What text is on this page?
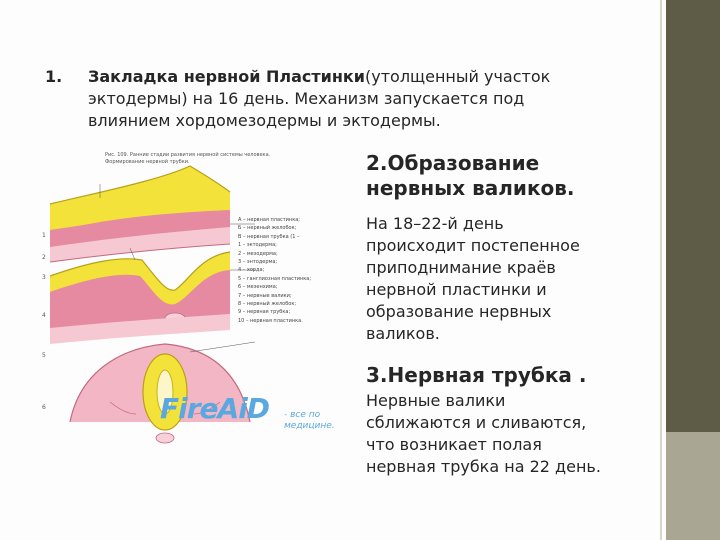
1. Закладка нервной Пластинки(утолщенный участок
эктодермы) на 16 день. Механизм запускается под
влиянием хордомезодермы и эктодермы.
Рис. 109. Ранние стадии развития нервной системы человека.
Формирование нервной трубки.
А – нервная пластинка;
Б – нервный желобок;
В – нервная трубка (1 –
1 – эктодерма;
2 – мезодерма;
3 – энтодерма;
4 – хорда;
5 – ганглиозная пластинка;
6 – мезенхима;
7 – нервные валики;
8 – нервный желобок;
9 – нервная трубка;
10 – нервная пластинка.
1
2
3
4
5
6	FireAiD - все по
медицине.
2.Образование
нервных валиков.
На 18–22-й день
происходит постепенное
приподнимание краёв
нервной пластинки и
образование нервных
валиков.
3.Нервная трубка .
Нервные валики
сближаются и сливаются,
что возникает полая
нервная трубка на 22 день.
